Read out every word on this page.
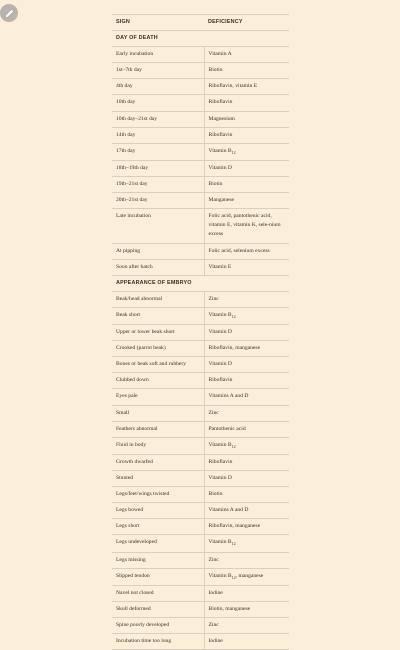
SIGN	DEFICIENCY
DAY OF DEATH	
Early incubation	Vitamin A
1st–7th day	Biotin
4th day	Riboflavin, vitamin E
10th day	Riboflavin
10th day–21st day	Magnesium
14th day	Riboflavin
17th day	Vitamin $B_{12}$
18th–19th day	Vitamin D
19th–21st day	Biotin
20th–21st day	Manganese
Late incubation	Folic acid, pantothenic acid, vitamin E, vitamin K, sele-nium excess
At pipping	Folic acid, selenium excess
Soon after hatch	Vitamin E
APPEARANCE OF EMBRYO	
Beak/head abnormal	Zinc
Beak short	Vitamin $B_{12}$
Upper or lower beak short	Vitamin D
Crooked (parrot beak)	Riboflavin, manganese
Bones or beak soft and rubbery	Vitamin D
Clubbed down	Riboflavin
Eyes pale	Vitamins A and D
Small	Zinc
Feathers abnormal	Pantothenic acid
Fluid in body	Vitamin $B_{12}$
Growth dwarfed	Riboflavin
Stunted	Vitamin D
Legs/feet/wings twisted	Biotin
Legs bowed	Vitamins A and D
Legs short	Riboflavin, manganese
Legs undeveloped	Vitamin $B_{12}$
Legs missing	Zinc
Slipped tendon	Vitamin $B_{12}$, manganese
Navel not closed	Iodine
Skull deformed	Biotin, manganese
Spine poorly developed	Zinc
Incubation time too long	Iodine
